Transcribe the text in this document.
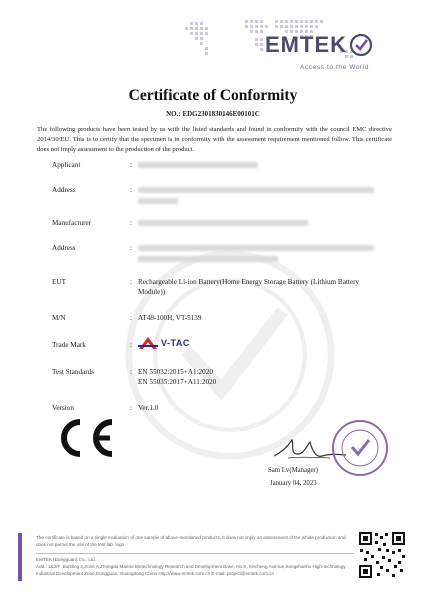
EMTEK
Access to the World
Certificate of Conformity
NO.: EDG2301830146E00101C
The following products have been tested by us with the listed standards and found in conformity with the council EMC directive 2014/30/EU. This is to certify that the specimen is in conformity with the assessment requirement mentioned follow. This certificate does not imply assessment to the production of the product.
Applicant	:
Address	:
Manufacturer	:
Address	:
EUT	: Rechargeable Li-ion Battery(Home Energy Storage Battery (Lithium Battery Module))
M/N	: AT48-100H, VT-5139
Trade Mark	:	V-TAC
Test Standards	: EN 55032:2015+A1:2020
EN 55035:2017+A11:2020
Version	: Ver.1.0
Sam Lv(Manager)
January 04, 2023
The certificate is based on a single evaluation of one sample of above-mentioned products, it does not imply an assessment of the whole production and does not permit the use of the test lab. logo
EMTEK (Dongguan) Co., Ltd.
Add.: 1&2/F ,Building 2,Zone A,Zhongda Marine Biotechnology Research and Development Base, No.9 ,Xincheng Avenue,Songshanhu High-technology Industrial Development Zone,Dongguan, Guangdong China Http://www.emtek.com.cn E-mail: project@emtek.com.cn
